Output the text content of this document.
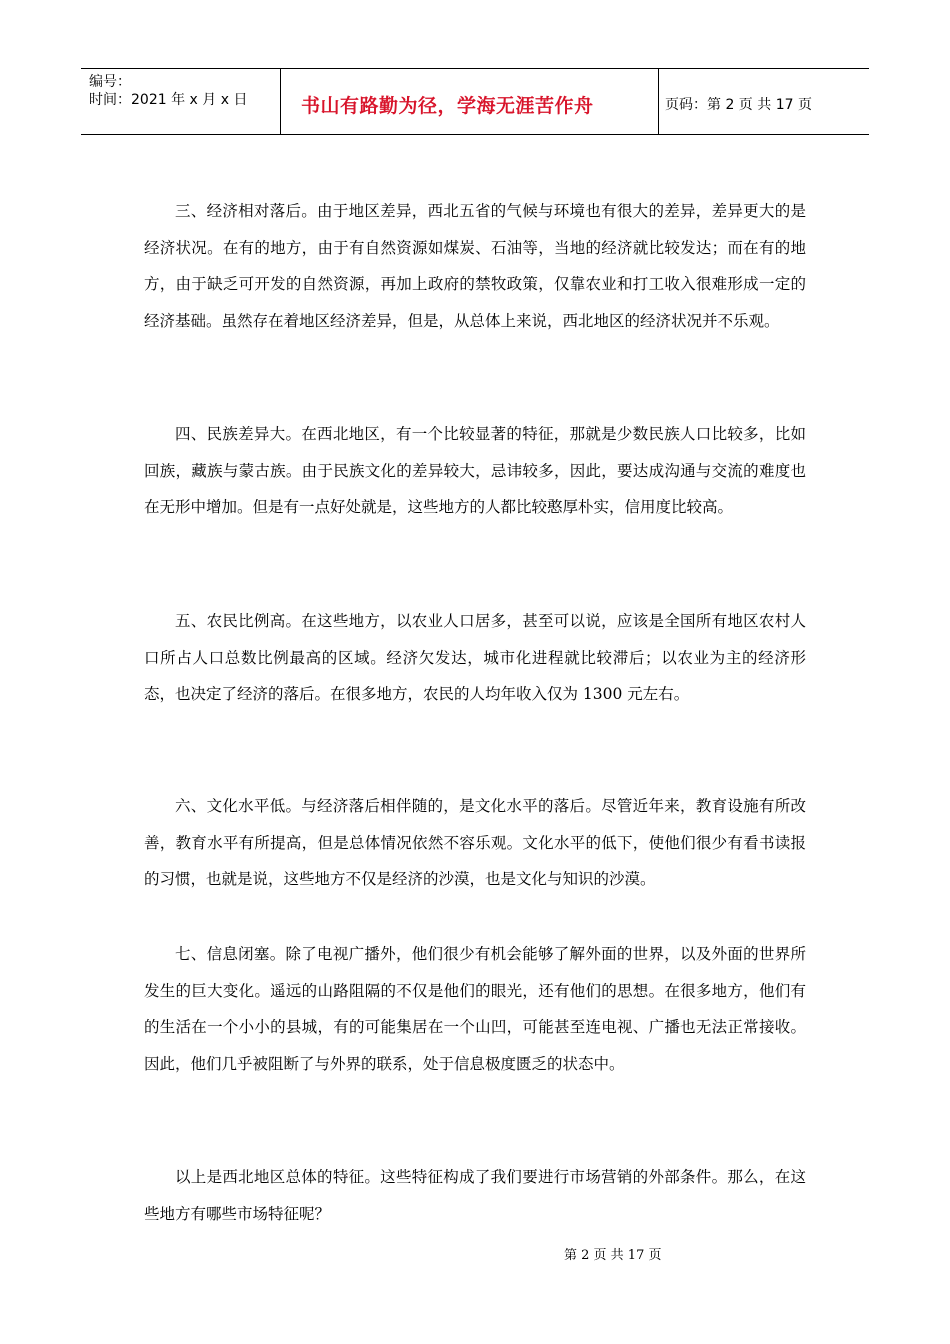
编号：
时间：2021 年 x 月 x 日	书山有路勤为径，学海无涯苦作舟	页码：第 2 页 共 17 页

三、经济相对落后。由于地区差异，西北五省的气候与环境也有很大的差异，差异更大的是经济状况。在有的地方，由于有自然资源如煤炭、石油等，当地的经济就比较发达；而在有的地方，由于缺乏可开发的自然资源，再加上政府的禁牧政策，仅靠农业和打工收入很难形成一定的经济基础。虽然存在着地区经济差异，但是，从总体上来说，西北地区的经济状况并不乐观。

四、民族差异大。在西北地区，有一个比较显著的特征，那就是少数民族人口比较多，比如回族，藏族与蒙古族。由于民族文化的差异较大，忌讳较多，因此，要达成沟通与交流的难度也在无形中增加。但是有一点好处就是，这些地方的人都比较憨厚朴实，信用度比较高。

五、农民比例高。在这些地方，以农业人口居多，甚至可以说，应该是全国所有地区农村人口所占人口总数比例最高的区域。经济欠发达，城市化进程就比较滞后；以农业为主的经济形态，也决定了经济的落后。在很多地方，农民的人均年收入仅为 1300 元左右。

六、文化水平低。与经济落后相伴随的，是文化水平的落后。尽管近年来，教育设施有所改善，教育水平有所提高，但是总体情况依然不容乐观。文化水平的低下，使他们很少有看书读报的习惯，也就是说，这些地方不仅是经济的沙漠，也是文化与知识的沙漠。

七、信息闭塞。除了电视广播外，他们很少有机会能够了解外面的世界，以及外面的世界所发生的巨大变化。遥远的山路阻隔的不仅是他们的眼光，还有他们的思想。在很多地方，他们有的生活在一个小小的县城，有的可能集居在一个山凹，可能甚至连电视、广播也无法正常接收。因此，他们几乎被阻断了与外界的联系，处于信息极度匮乏的状态中。

以上是西北地区总体的特征。这些特征构成了我们要进行市场营销的外部条件。那么，在这些地方有哪些市场特征呢？

第 2 页 共 17 页
